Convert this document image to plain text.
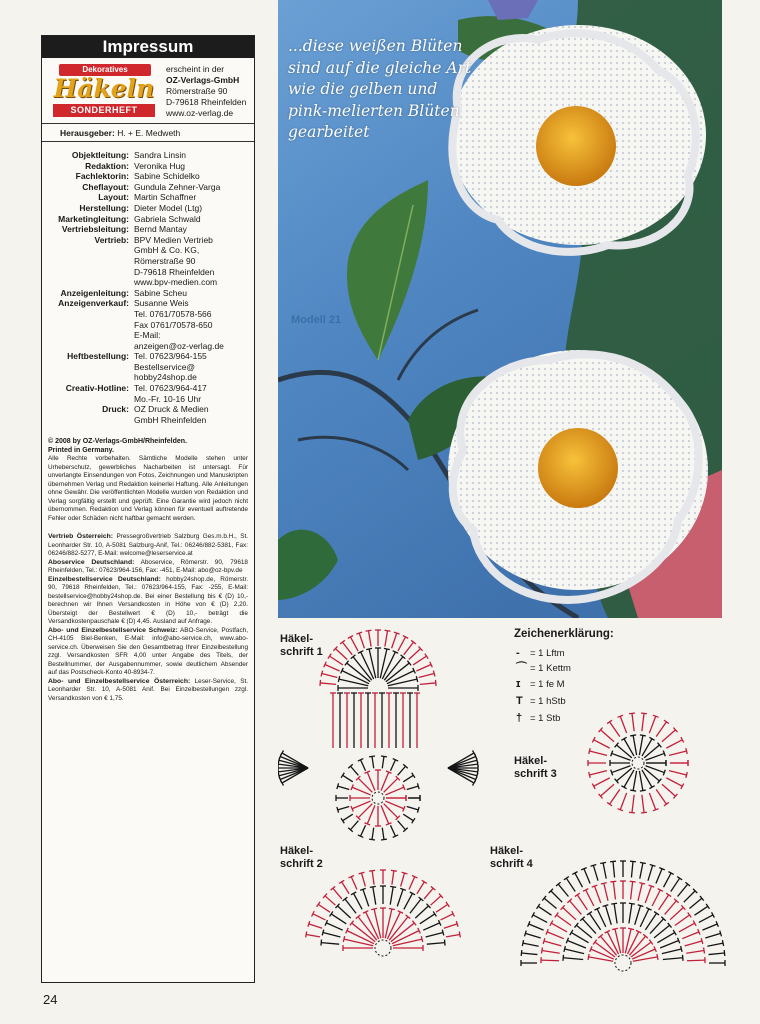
Impressum
Dekoratives
Häkeln
SONDERHEFT
erscheint in der
OZ-Verlags-GmbH
Römerstraße 90
D-79618 Rheinfelden
www.oz-verlag.de
Herausgeber: H. + E. Medweth
Objektleitung: Sandra Linsin
Redaktion: Veronika Hug
Fachlektorin: Sabine Schidelko
Cheflayout: Gundula Zehner-Varga
Layout: Martin Schaffner
Herstellung: Dieter Model (Ltg)
Marketingleitung: Gabriela Schwald
Vertriebsleitung: Bernd Mantay
Vertrieb: BPV Medien Vertrieb
GmbH & Co. KG,
Römerstraße 90
D-79618 Rheinfelden
www.bpv-medien.com
Anzeigenleitung: Sabine Scheu
Anzeigenverkauf: Susanne Weis
Tel. 0761/70578-566
Fax 0761/70578-650
E-Mail:
anzeigen@oz-verlag.de
Heftbestellung: Tel. 07623/964-155
Bestellservice@
hobby24shop.de
Creativ-Hotline: Tel. 07623/964-417
Mo.-Fr. 10-16 Uhr
Druck: OZ Druck & Medien
GmbH Rheinfelden
© 2008 by OZ-Verlags-GmbH/Rheinfelden.
Printed in Germany.

Alle Rechte vorbehalten. Sämtliche Modelle stehen unter Urheberschutz, gewerbliches Nacharbeiten ist untersagt. Für unverlangte Einsendungen von Fotos, Zeichnungen und Manuskripten übernehmen Verlag und Redaktion keinerlei Haftung. Alle Anleitungen ohne Gewähr. Die veröffentlichten Modelle wurden von Redaktion und Verlag sorgfältig erstellt und geprüft. Eine Garantie wird jedoch nicht übernommen. Redaktion und Verlag können für eventuell auftretende Fehler oder Schäden nicht haftbar gemacht werden.

Vertrieb Österreich: Pressegroßvertrieb Salzburg Ges.m.b.H., St. Leonharder Str. 10, A-5081 Salzburg-Anif, Tel.: 06246/882-5381, Fax: 06246/882-5277, E-Mail: welcome@leserservice.at

Aboservice Deutschland: Aboservice, Römerstr. 90, 79618 Rheinfelden, Tel.: 07623/964-156, Fax: -451, E-Mail: abo@oz-bpv.de

Einzelbestellservice Deutschland: hobby24shop.de, Römerstr. 90, 79618 Rheinfelden, Tel.: 07623/964-155, Fax: -255, E-Mail: bestellservice@hobby24shop.de. Bei einer Bestellung bis € (D) 10,- berechnen wir Ihnen Versandkosten in Höhe von € (D) 2,20. Übersteigt der Bestellwert € (D) 10,- beträgt die Versandkostenpauschale € (D) 4,45. Ausland auf Anfrage.

Abo- und Einzelbestellservice Schweiz: ABO-Service, Postfach, CH-4105 Biel-Benken, E-Mail: info@abo-service.ch, www.abo-service.ch. Überweisen Sie den Gesamtbetrag Ihrer Einzelbestellung zzgl. Versandkosten SFR 4,00 unter Angabe des Titels, der Bestellnummer, der Ausgabennummer, sowie deutlichem Absender auf das Postscheck-Konto 40-8934-7.

Abo- und Einzelbestellservice Österreich: Leser-Service, St. Leonharder Str. 10, A-5081 Anif. Bei Einzelbestellungen zzgl. Versandkosten von € 1,75.

24
...diese weißen Blüten sind auf die gleiche Art wie die gelben und pink-melierten Blüten gearbeitet
Modell 21
Zeichenerklärung:
- = 1 Lftm
⌒ = 1 Kettm
ɪ = 1 fe M
T = 1 hStb
† = 1 Stb
Häkel-
schrift 1
Häkel-
schrift 2
Häkel-
schrift 3
Häkel-
schrift 4
